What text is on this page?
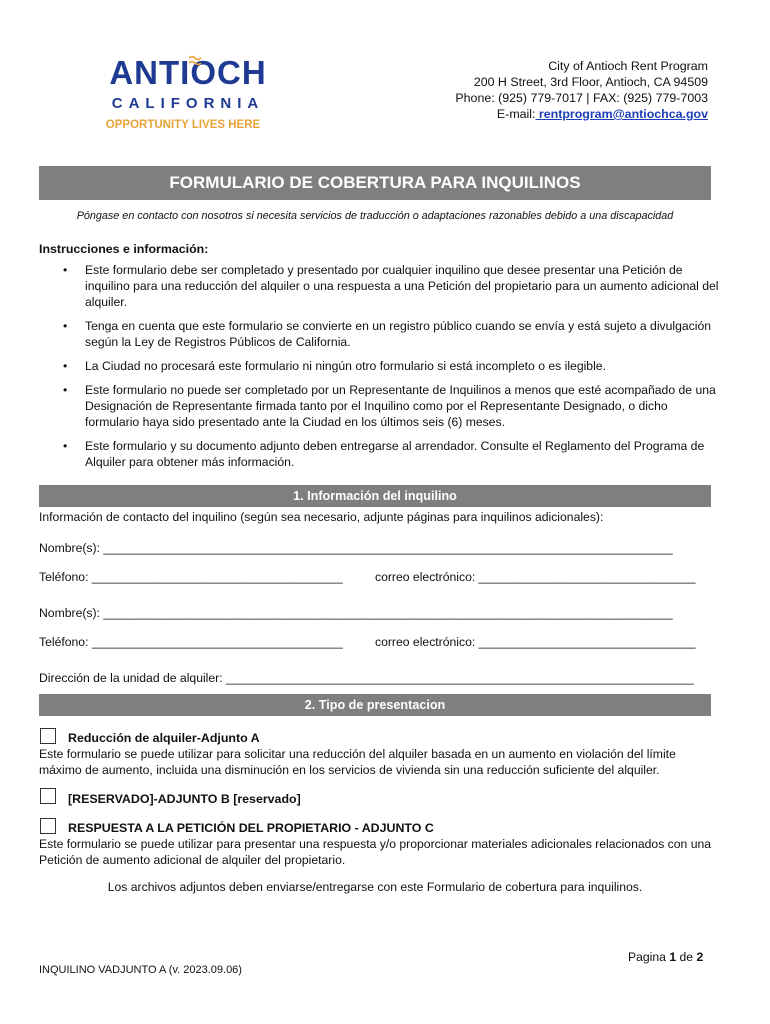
ANTIOCH
CALIFORNIA
OPPORTUNITY LIVES HERE
City of Antioch Rent Program
200 H Street, 3rd Floor, Antioch, CA 94509
Phone: (925) 779-7017 | FAX: (925) 779-7003
E-mail: rentprogram@antiochca.gov
FORMULARIO DE COBERTURA PARA INQUILINOS
Póngase en contacto con nosotros si necesita servicios de traducción o adaptaciones razonables debido a una discapacidad
Instrucciones e información:
• Este formulario debe ser completado y presentado por cualquier inquilino que desee presentar una Petición de inquilino para una reducción del alquiler o una respuesta a una Petición del propietario para un aumento adicional del alquiler.
• Tenga en cuenta que este formulario se convierte en un registro público cuando se envía y está sujeto a divulgación según la Ley de Registros Públicos de California.
• La Ciudad no procesará este formulario ni ningún otro formulario si está incompleto o es ilegible.
• Este formulario no puede ser completado por un Representante de Inquilinos a menos que esté acompañado de una Designación de Representante firmada tanto por el Inquilino como por el Representante Designado, o dicho formulario haya sido presentado ante la Ciudad en los últimos seis (6) meses.
• Este formulario y su documento adjunto deben entregarse al arrendador. Consulte el Reglamento del Programa de Alquiler para obtener más información.
1. Información del inquilino
Información de contacto del inquilino (según sea necesario, adjunte páginas para inquilinos adicionales):
Nombre(s): ____________________________________________________________________________________
Teléfono: _____________________________________	correo electrónico: ________________________________
Nombre(s): ____________________________________________________________________________________
Teléfono: _____________________________________	correo electrónico: ________________________________
Dirección de la unidad de alquiler: _____________________________________________________________________
2. Tipo de presentacion
Reducción de alquiler-Adjunto A
Este formulario se puede utilizar para solicitar una reducción del alquiler basada en un aumento en violación del límite máximo de aumento, incluida una disminución en los servicios de vivienda sin una reducción suficiente del alquiler.
[RESERVADO]-ADJUNTO B [reservado]
RESPUESTA A LA PETICIÓN DEL PROPIETARIO - ADJUNTO C
Este formulario se puede utilizar para presentar una respuesta y/o proporcionar materiales adicionales relacionados con una Petición de aumento adicional de alquiler del propietario.
Los archivos adjuntos deben enviarse/entregarse con este Formulario de cobertura para inquilinos.
Pagina 1 de 2
INQUILINO VADJUNTO A (v. 2023.09.06)
